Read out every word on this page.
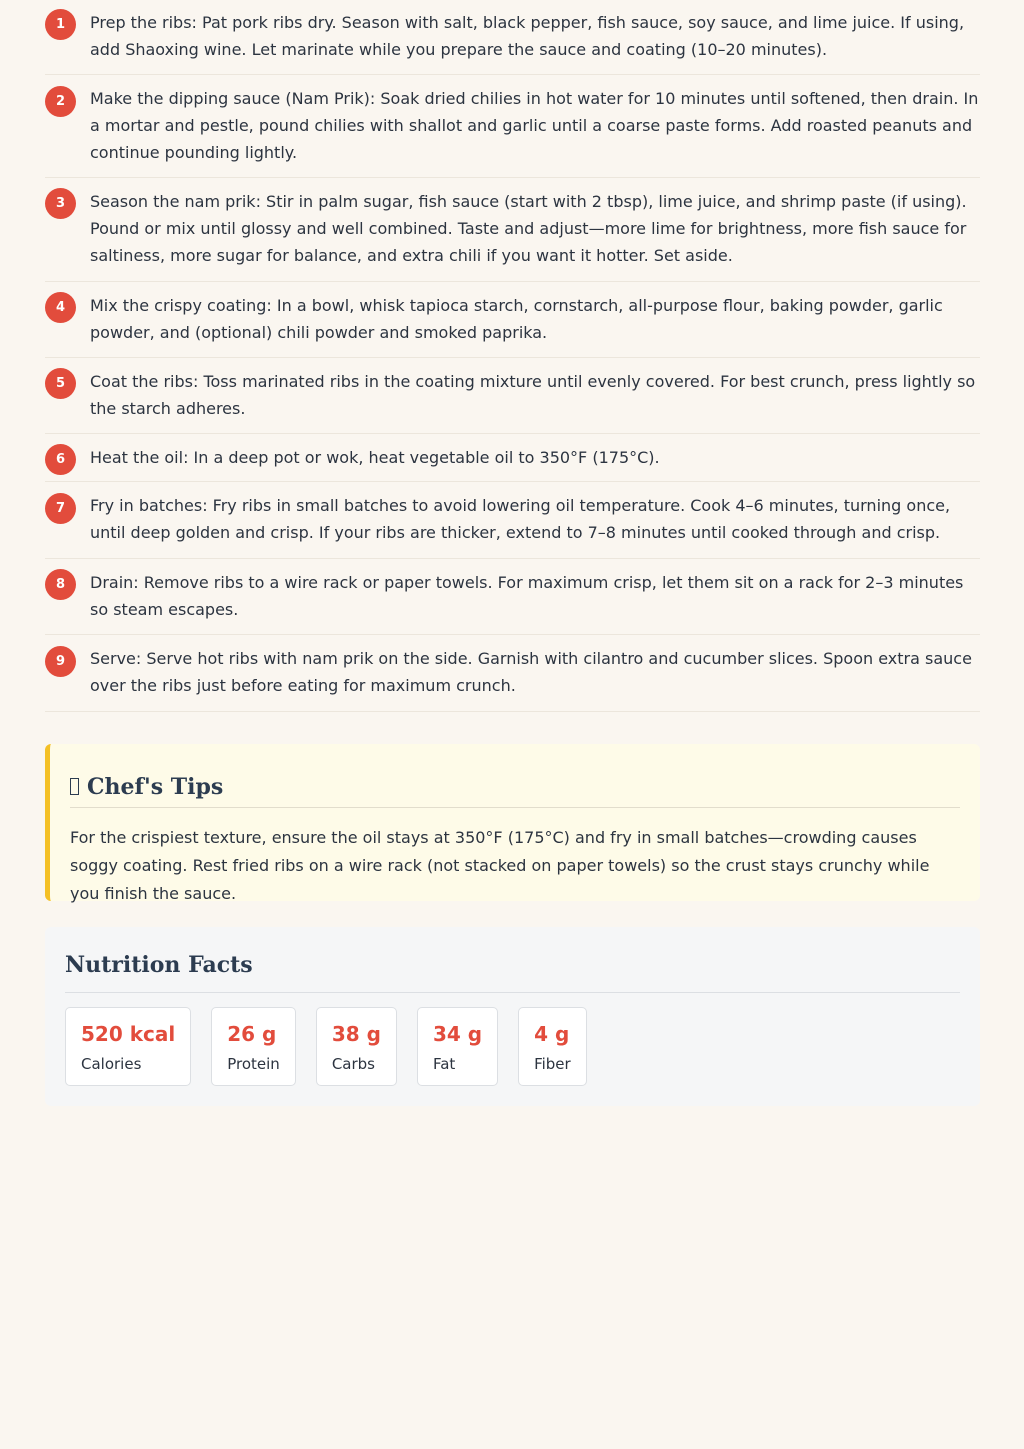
1	Prep the ribs: Pat pork ribs dry. Season with salt, black pepper, fish sauce, soy sauce, and lime juice. If using, add Shaoxing wine. Let marinate while you prepare the sauce and coating (10–20 minutes).
2	Make the dipping sauce (Nam Prik): Soak dried chilies in hot water for 10 minutes until softened, then drain. In a mortar and pestle, pound chilies with shallot and garlic until a coarse paste forms. Add roasted peanuts and continue pounding lightly.
3	Season the nam prik: Stir in palm sugar, fish sauce (start with 2 tbsp), lime juice, and shrimp paste (if using). Pound or mix until glossy and well combined. Taste and adjust—more lime for brightness, more fish sauce for saltiness, more sugar for balance, and extra chili if you want it hotter. Set aside.
4	Mix the crispy coating: In a bowl, whisk tapioca starch, cornstarch, all-purpose flour, baking powder, garlic powder, and (optional) chili powder and smoked paprika.
5	Coat the ribs: Toss marinated ribs in the coating mixture until evenly covered. For best crunch, press lightly so the starch adheres.
6	Heat the oil: In a deep pot or wok, heat vegetable oil to 350°F (175°C).
7	Fry in batches: Fry ribs in small batches to avoid lowering oil temperature. Cook 4–6 minutes, turning once, until deep golden and crisp. If your ribs are thicker, extend to 7–8 minutes until cooked through and crisp.
8	Drain: Remove ribs to a wire rack or paper towels. For maximum crisp, let them sit on a rack for 2–3 minutes so steam escapes.
9	Serve: Serve hot ribs with nam prik on the side. Garnish with cilantro and cucumber slices. Spoon extra sauce over the ribs just before eating for maximum crunch.
Chef's Tips
For the crispiest texture, ensure the oil stays at 350°F (175°C) and fry in small batches—crowding causes soggy coating. Rest fried ribs on a wire rack (not stacked on paper towels) so the crust stays crunchy while you finish the sauce.
Nutrition Facts
520 kcal
Calories
26 g
Protein
38 g
Carbs
34 g
Fat
4 g
Fiber
